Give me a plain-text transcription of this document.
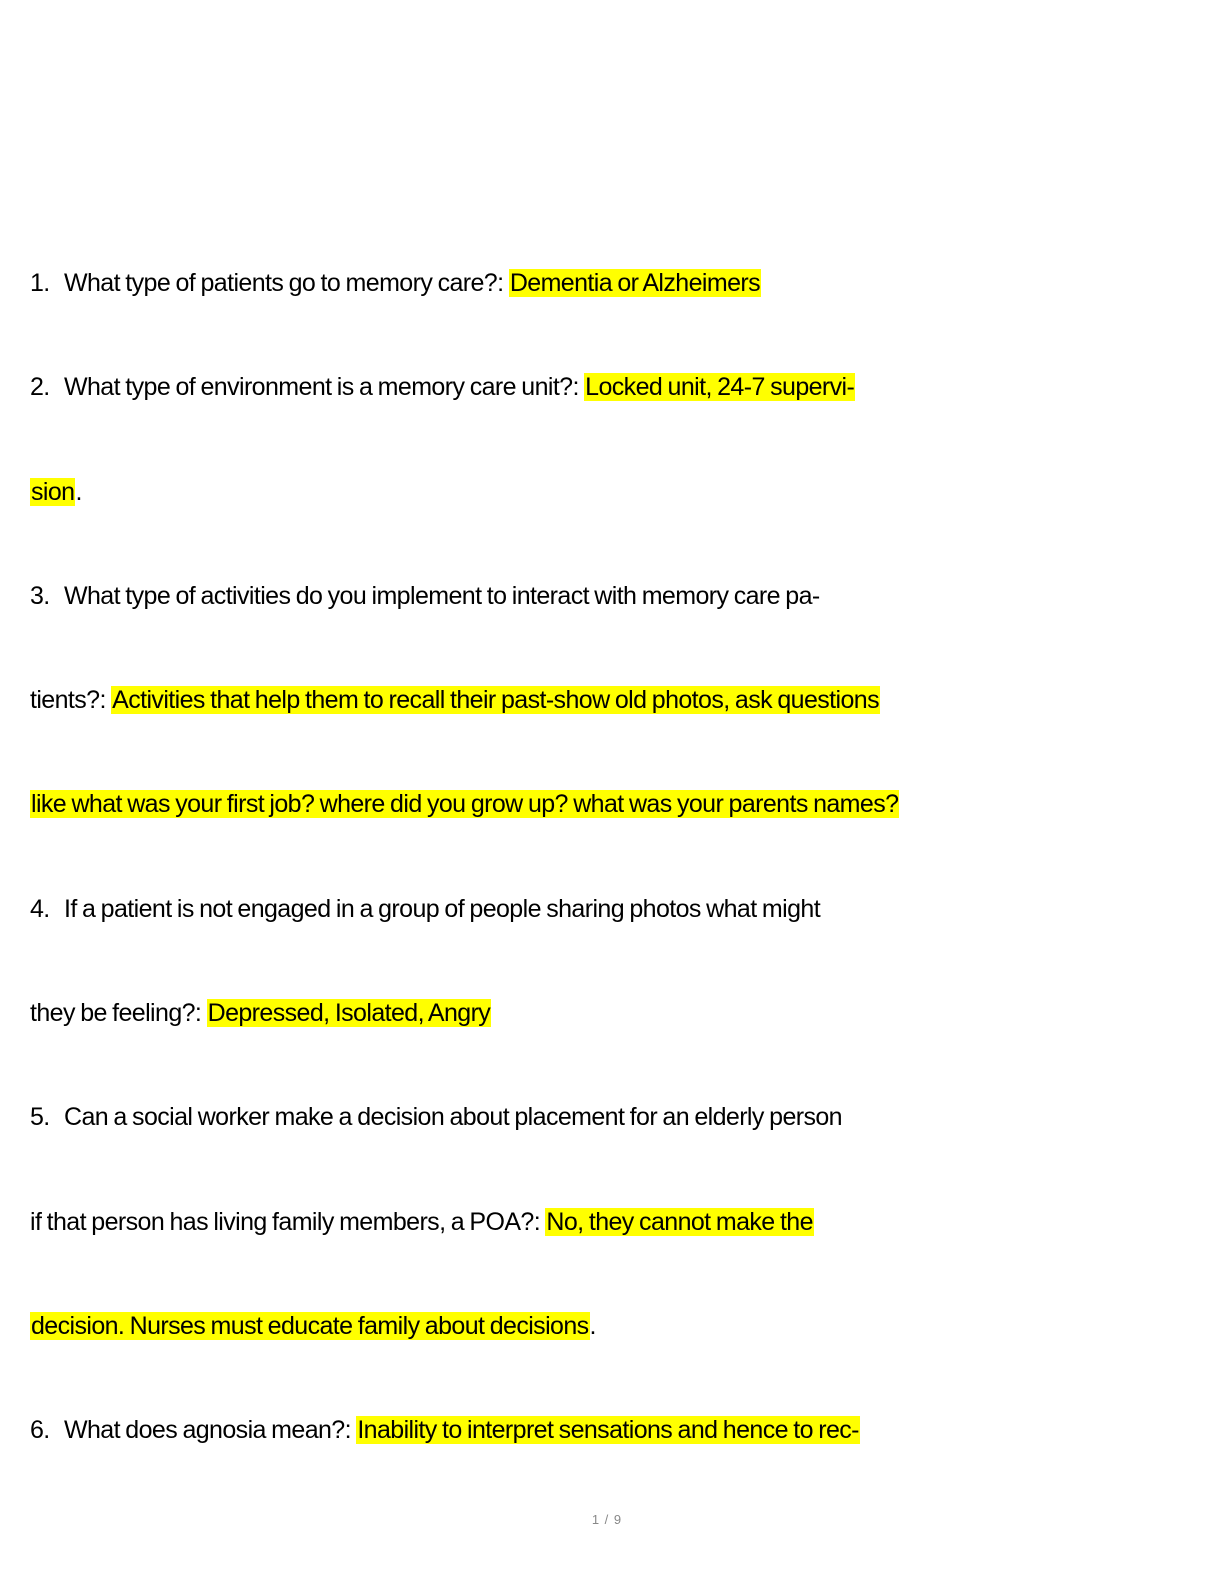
1. What type of patients go to memory care?: Dementia or Alzheimers
2. What type of environment is a memory care unit?: Locked unit, 24-7 supervi-
sion.
3. What type of activities do you implement to interact with memory care pa-
tients?: Activities that help them to recall their past-show old photos, ask questions
like what was your first job? where did you grow up? what was your parents names?
4. If a patient is not engaged in a group of people sharing photos what might
they be feeling?: Depressed, Isolated, Angry
5. Can a social worker make a decision about placement for an elderly person
if that person has living family members, a POA?: No, they cannot make the
decision. Nurses must educate family about decisions.
6. What does agnosia mean?: Inability to interpret sensations and hence to rec-
1 / 9
